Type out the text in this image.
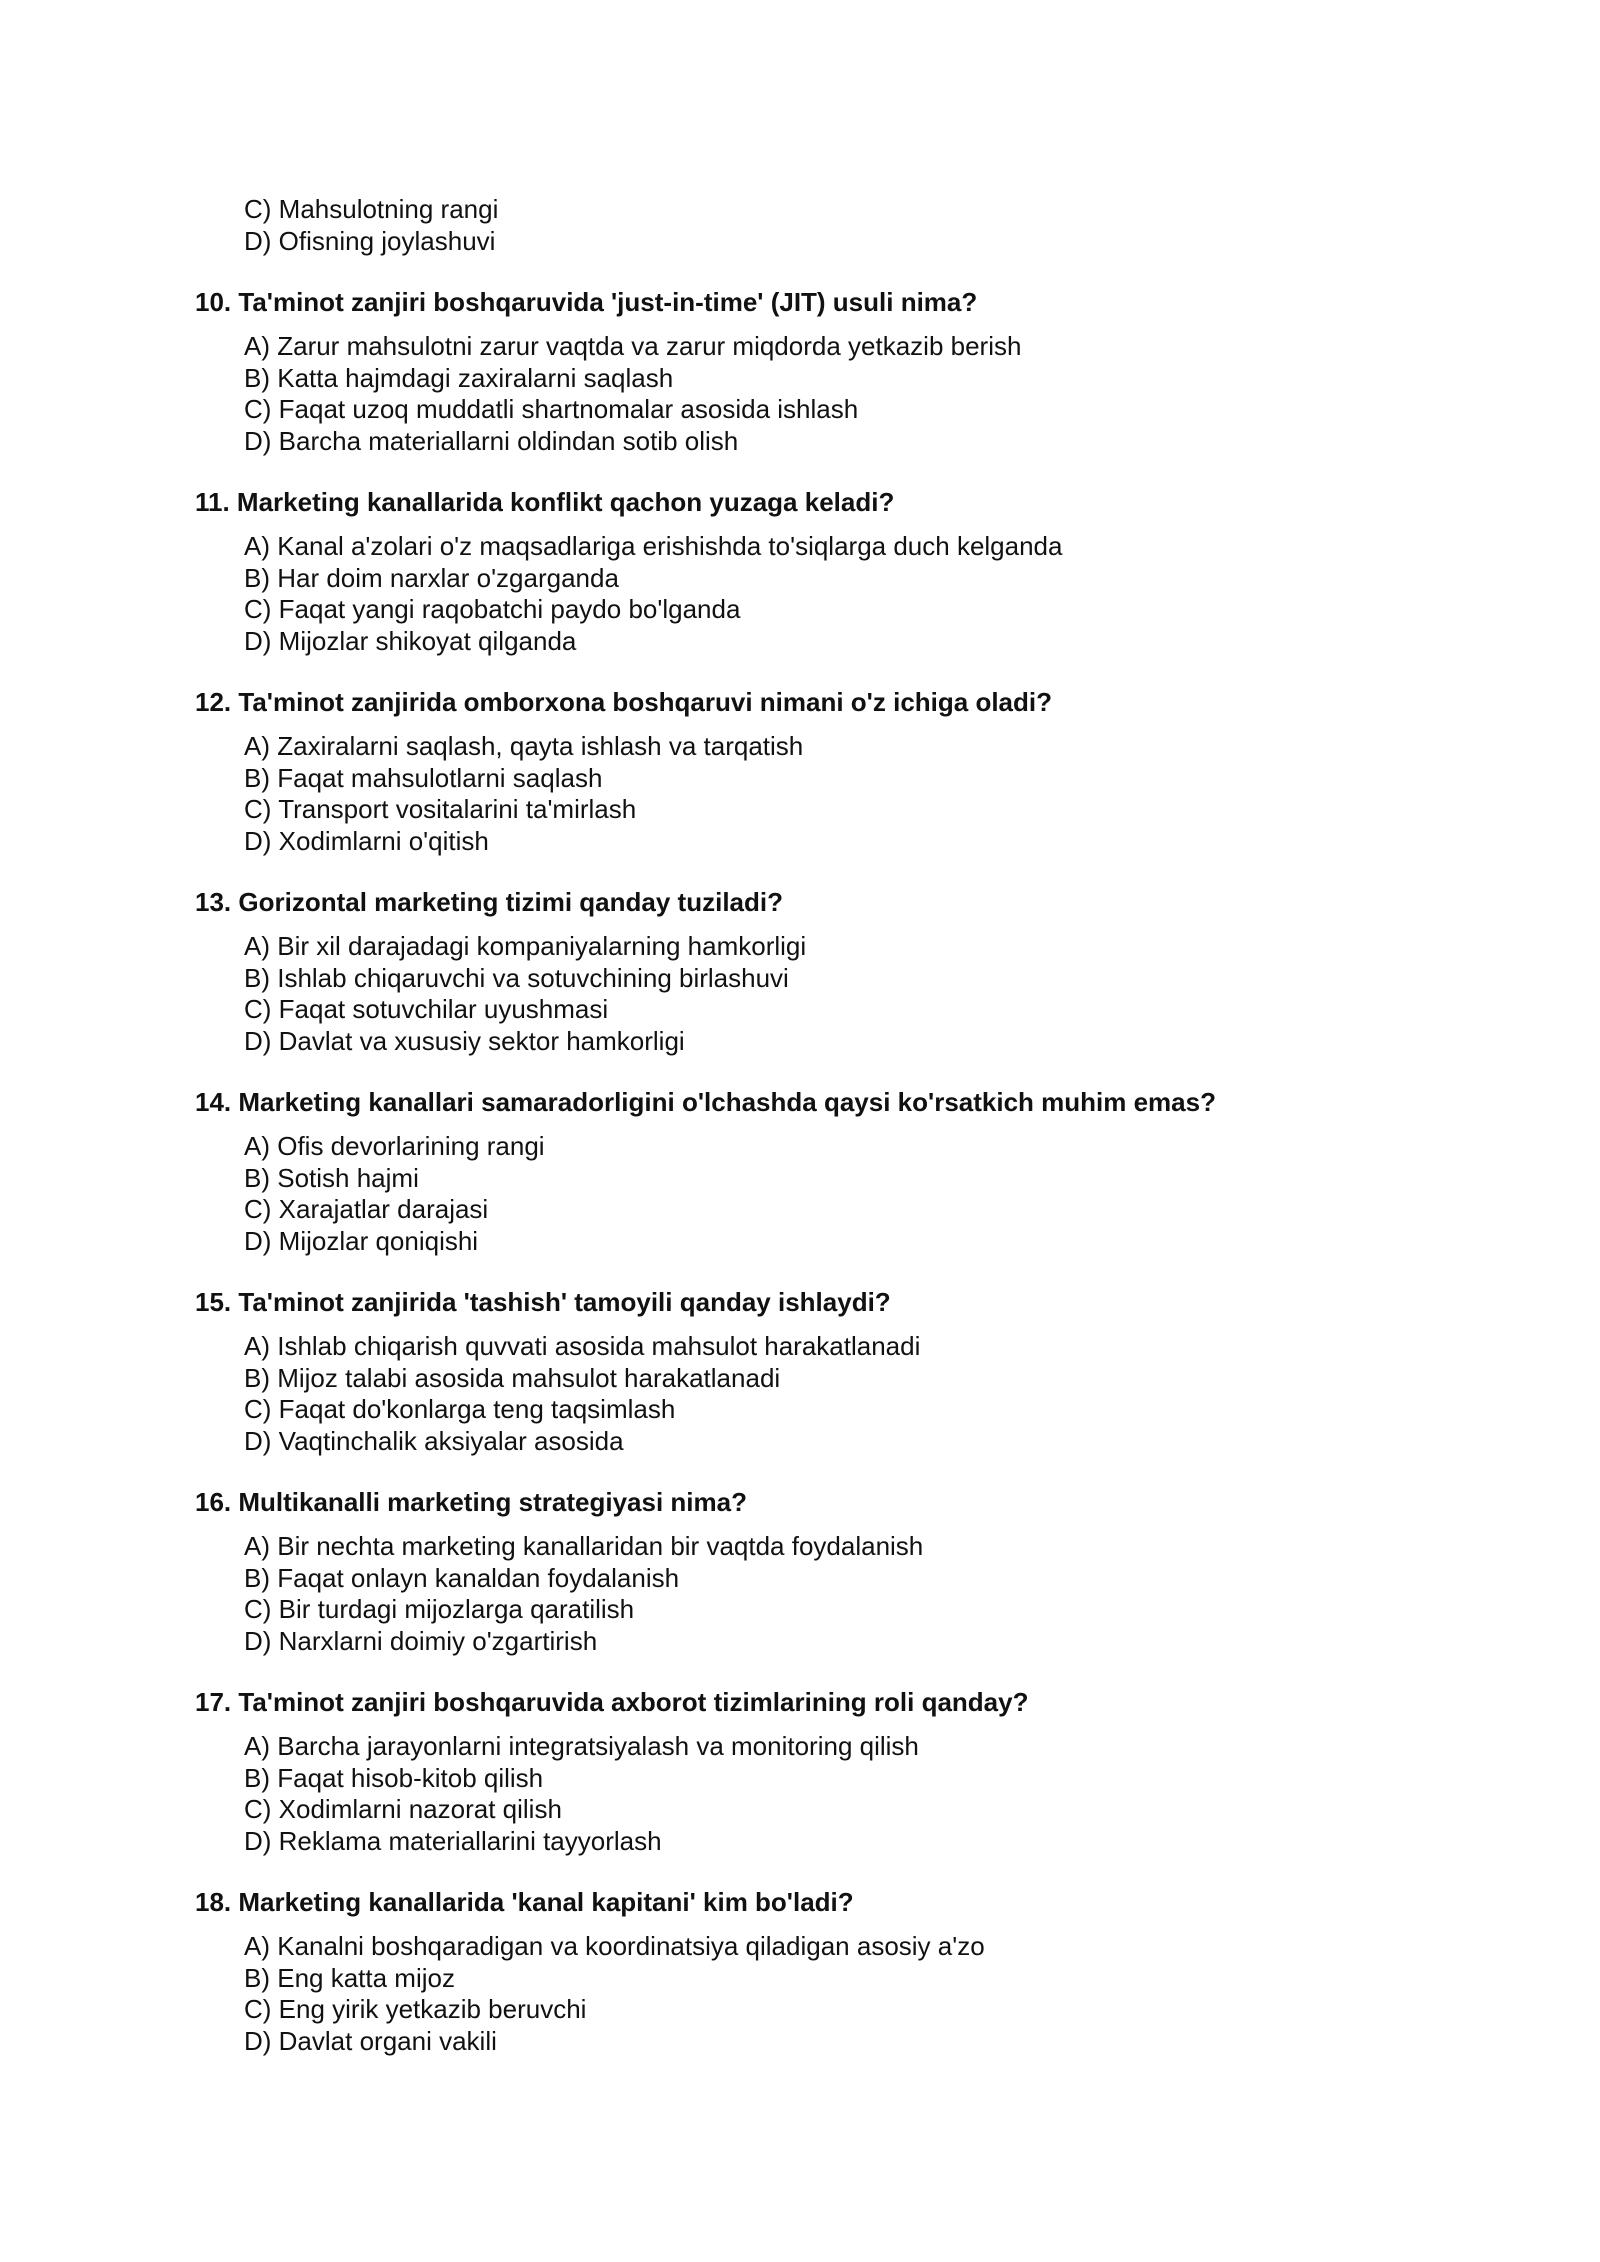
C) Mahsulotning rangi
D) Ofisning joylashuvi
10. Ta'minot zanjiri boshqaruvida 'just-in-time' (JIT) usuli nima?
A) Zarur mahsulotni zarur vaqtda va zarur miqdorda yetkazib berish
B) Katta hajmdagi zaxiralarni saqlash
C) Faqat uzoq muddatli shartnomalar asosida ishlash
D) Barcha materiallarni oldindan sotib olish
11. Marketing kanallarida konflikt qachon yuzaga keladi?
A) Kanal a'zolari o'z maqsadlariga erishishda to'siqlarga duch kelganda
B) Har doim narxlar o'zgarganda
C) Faqat yangi raqobatchi paydo bo'lganda
D) Mijozlar shikoyat qilganda
12. Ta'minot zanjirida omborxona boshqaruvi nimani o'z ichiga oladi?
A) Zaxiralarni saqlash, qayta ishlash va tarqatish
B) Faqat mahsulotlarni saqlash
C) Transport vositalarini ta'mirlash
D) Xodimlarni o'qitish
13. Gorizontal marketing tizimi qanday tuziladi?
A) Bir xil darajadagi kompaniyalarning hamkorligi
B) Ishlab chiqaruvchi va sotuvchining birlashuvi
C) Faqat sotuvchilar uyushmasi
D) Davlat va xususiy sektor hamkorligi
14. Marketing kanallari samaradorligini o'lchashda qaysi ko'rsatkich muhim emas?
A) Ofis devorlarining rangi
B) Sotish hajmi
C) Xarajatlar darajasi
D) Mijozlar qoniqishi
15. Ta'minot zanjirida 'tashish' tamoyili qanday ishlaydi?
A) Ishlab chiqarish quvvati asosida mahsulot harakatlanadi
B) Mijoz talabi asosida mahsulot harakatlanadi
C) Faqat do'konlarga teng taqsimlash
D) Vaqtinchalik aksiyalar asosida
16. Multikanalli marketing strategiyasi nima?
A) Bir nechta marketing kanallaridan bir vaqtda foydalanish
B) Faqat onlayn kanaldan foydalanish
C) Bir turdagi mijozlarga qaratilish
D) Narxlarni doimiy o'zgartirish
17. Ta'minot zanjiri boshqaruvida axborot tizimlarining roli qanday?
A) Barcha jarayonlarni integratsiyalash va monitoring qilish
B) Faqat hisob-kitob qilish
C) Xodimlarni nazorat qilish
D) Reklama materiallarini tayyorlash
18. Marketing kanallarida 'kanal kapitani' kim bo'ladi?
A) Kanalni boshqaradigan va koordinatsiya qiladigan asosiy a'zo
B) Eng katta mijoz
C) Eng yirik yetkazib beruvchi
D) Davlat organi vakili
